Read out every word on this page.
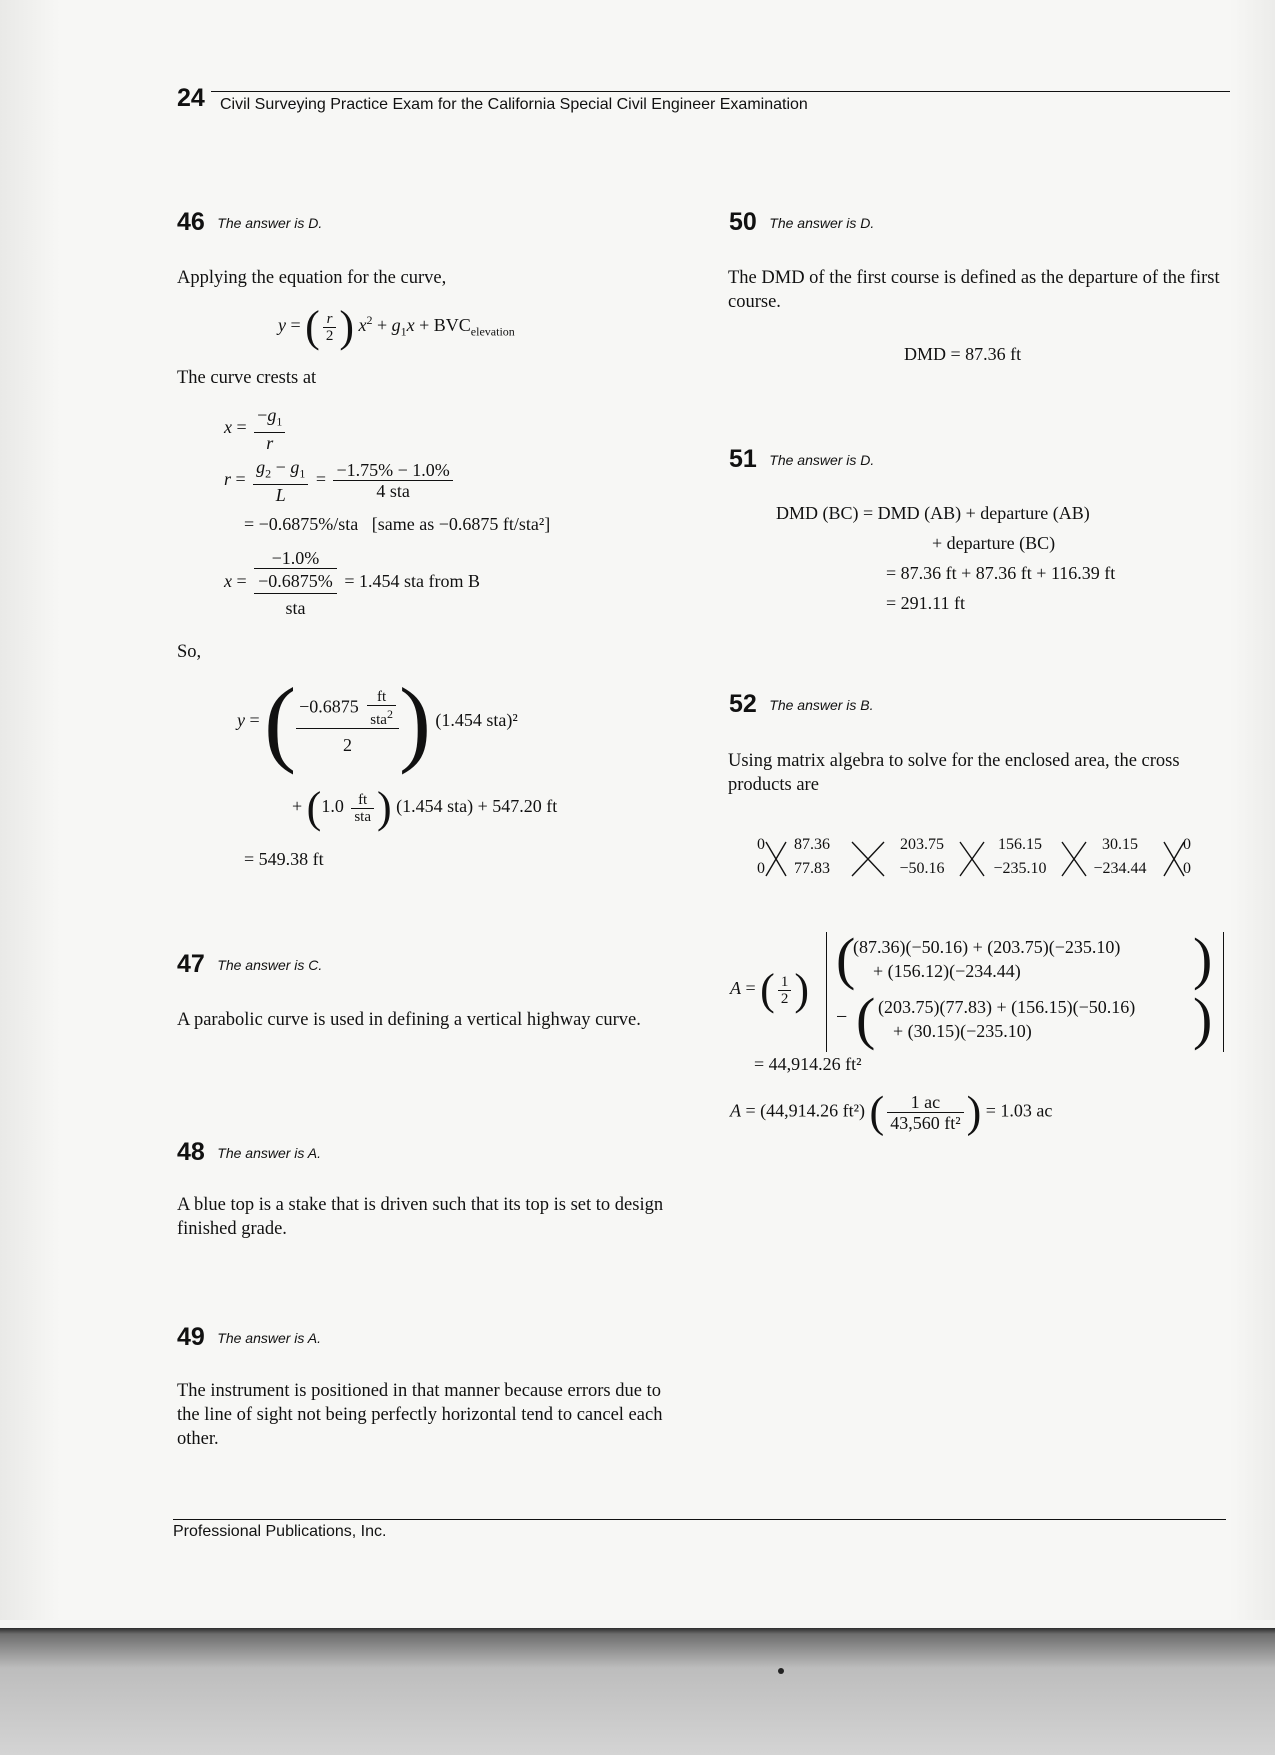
24 Civil Surveying Practice Exam for the California Special Civil Engineer Examination
46 The answer is D.
Applying the equation for the curve,
y = ( $\frac{r}{2}$ ) $x^2 + g_1x + BVC_{elevation}$
The curve crests at
$x = \frac{-g_1}{r}$
$r = \frac{g_2 - g_1}{L} = \frac{-1.75\% - 1.0\%}{\text{4 sta}}$
= −0.6875%/sta [same as −0.6875 ft/sta²]
x =
−1.0%
−0.6875%
sta
= 1.454 sta from B
So,
y = ( $\frac{-0.6875 \frac{ft}{sta^2}}{2}$ ) (1.454 sta)²
+ ($1.0 \frac{ft}{\text{sta}}$ ) (1.454 sta) + 547.20 ft
= 549.38 ft
47 The answer is C.
A parabolic curve is used in defining a vertical highway curve.
48 The answer is A.
A blue top is a stake that is driven such that its top is set to design finished grade.
49 The answer is A.
The instrument is positioned in that manner because errors due to the line of sight not being perfectly horizontal tend to cancel each other.
50 The answer is D.
The DMD of the first course is defined as the departure of the first course.
DMD = 87.36 ft
51 The answer is D.
DMD (BC) = DMD (AB) + departure (AB)
+ departure (BC)
= 87.36 ft + 87.36 ft + 116.39 ft
= 291.11 ft
52 The answer is B.
Using matrix algebra to solve for the enclosed area, the cross products are
0	87.36	203.75	156.15	30.15	0
0	77.83	−50.16	−235.10	−234.44	0
A = ( $\frac{1}{2}$ ) (	)
(87.36)(−50.16) + (203.75)(−235.10)
+ (156.12)(−234.44)
− (	)
(203.75)(77.83) + (156.15)(−50.16)
+ (30.15)(−235.10)
= 44,914.26 ft²
A = (44,914.26 ft²) ( $\frac{1 ac}{\text{43,560 ft²}}$ ) = 1.03 ac
Professional Publications, Inc.
